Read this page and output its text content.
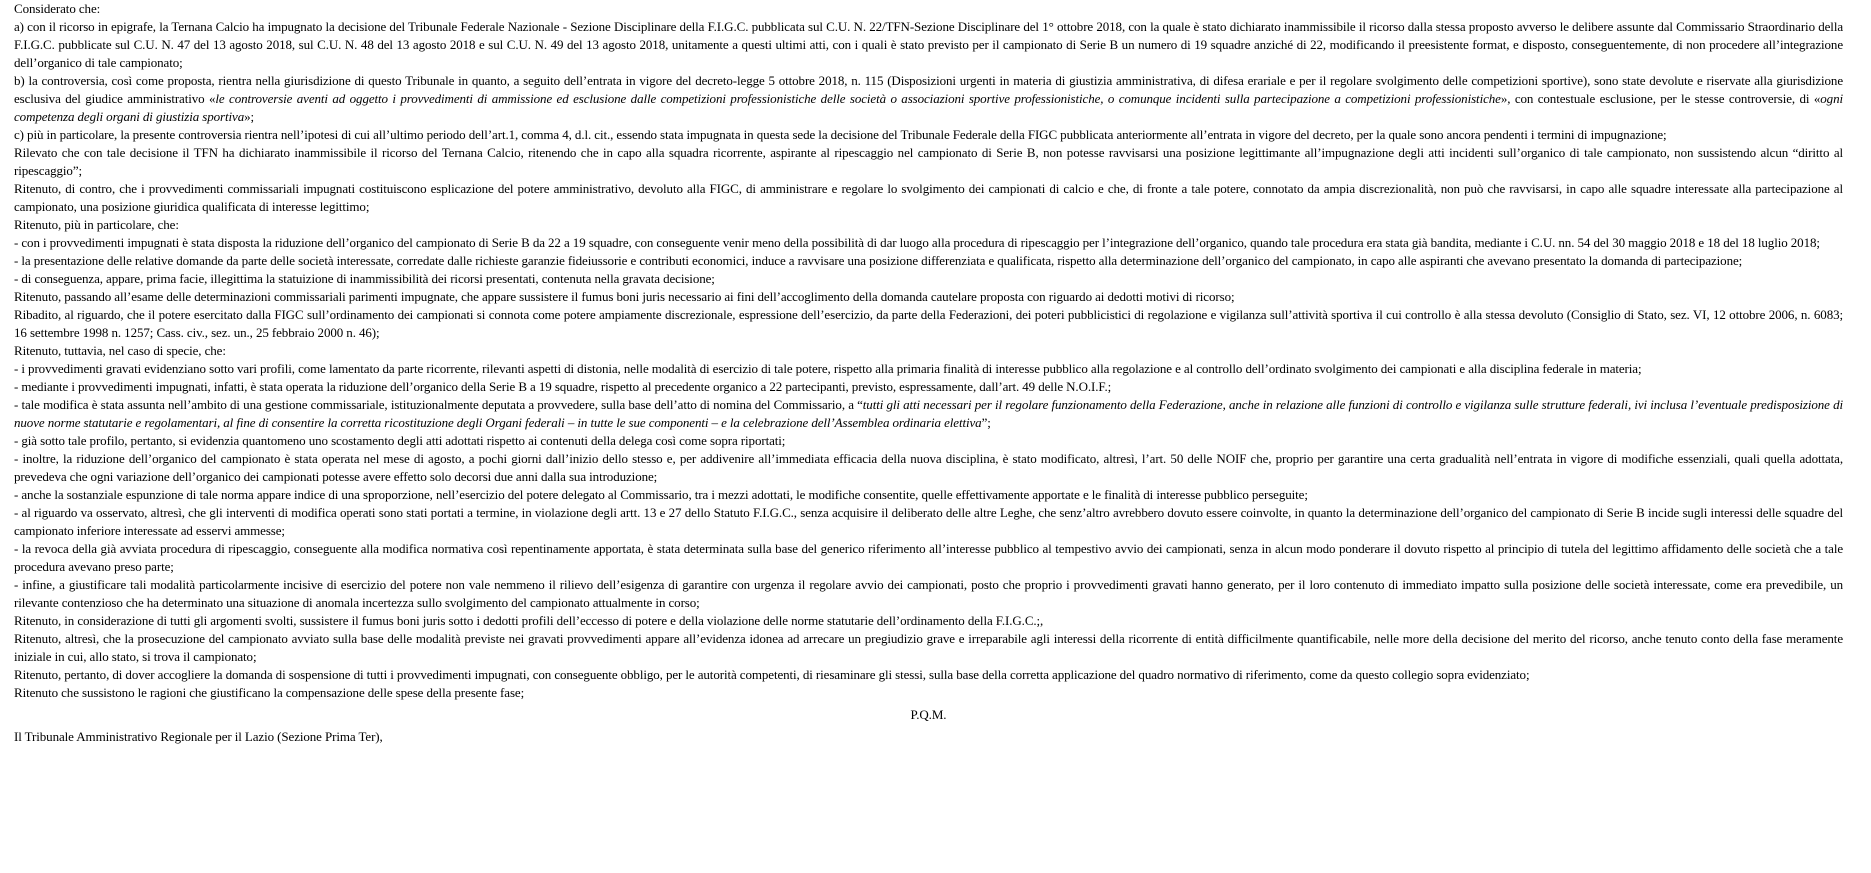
Considerato che:

a) con il ricorso in epigrafe, la Ternana Calcio ha impugnato la decisione del Tribunale Federale Nazionale - Sezione Disciplinare della F.I.G.C. pubblicata sul C.U. N. 22/TFN-Sezione Disciplinare del 1° ottobre 2018, con la quale è stato dichiarato inammissibile il ricorso dalla stessa proposto avverso le delibere assunte dal Commissario Straordinario della F.I.G.C. pubblicate sul C.U. N. 47 del 13 agosto 2018, sul C.U. N. 48 del 13 agosto 2018 e sul C.U. N. 49 del 13 agosto 2018, unitamente a questi ultimi atti, con i quali è stato previsto per il campionato di Serie B un numero di 19 squadre anziché di 22, modificando il preesistente format, e disposto, conseguentemente, di non procedere all’integrazione dell’organico di tale campionato;

b) la controversia, così come proposta, rientra nella giurisdizione di questo Tribunale in quanto, a seguito dell’entrata in vigore del decreto-legge 5 ottobre 2018, n. 115 (Disposizioni urgenti in materia di giustizia amministrativa, di difesa erariale e per il regolare svolgimento delle competizioni sportive), sono state devolute e riservate alla giurisdizione esclusiva del giudice amministrativo «le controversie aventi ad oggetto i provvedimenti di ammissione ed esclusione dalle competizioni professionistiche delle società o associazioni sportive professionistiche, o comunque incidenti sulla partecipazione a competizioni professionistiche», con contestuale esclusione, per le stesse controversie, di «ogni competenza degli organi di giustizia sportiva»;

c) più in particolare, la presente controversia rientra nell’ipotesi di cui all’ultimo periodo dell’art.1, comma 4, d.l. cit., essendo stata impugnata in questa sede la decisione del Tribunale Federale della FIGC pubblicata anteriormente all’entrata in vigore del decreto, per la quale sono ancora pendenti i termini di impugnazione;

Rilevato che con tale decisione il TFN ha dichiarato inammissibile il ricorso del Ternana Calcio, ritenendo che in capo alla squadra ricorrente, aspirante al ripescaggio nel campionato di Serie B, non potesse ravvisarsi una posizione legittimante all’impugnazione degli atti incidenti sull’organico di tale campionato, non sussistendo alcun “diritto al ripescaggio”;

Ritenuto, di contro, che i provvedimenti commissariali impugnati costituiscono esplicazione del potere amministrativo, devoluto alla FIGC, di amministrare e regolare lo svolgimento dei campionati di calcio e che, di fronte a tale potere, connotato da ampia discrezionalità, non può che ravvisarsi, in capo alle squadre interessate alla partecipazione al campionato, una posizione giuridica qualificata di interesse legittimo;

Ritenuto, più in particolare, che:

- con i provvedimenti impugnati è stata disposta la riduzione dell’organico del campionato di Serie B da 22 a 19 squadre, con conseguente venir meno della possibilità di dar luogo alla procedura di ripescaggio per l’integrazione dell’organico, quando tale procedura era stata già bandita, mediante i C.U. nn. 54 del 30 maggio 2018 e 18 del 18 luglio 2018;

- la presentazione delle relative domande da parte delle società interessate, corredate dalle richieste garanzie fideiussorie e contributi economici, induce a ravvisare una posizione differenziata e qualificata, rispetto alla determinazione dell’organico del campionato, in capo alle aspiranti che avevano presentato la domanda di partecipazione;

- di conseguenza, appare, prima facie, illegittima la statuizione di inammissibilità dei ricorsi presentati, contenuta nella gravata decisione;

Ritenuto, passando all’esame delle determinazioni commissariali parimenti impugnate, che appare sussistere il fumus boni juris necessario ai fini dell’accoglimento della domanda cautelare proposta con riguardo ai dedotti motivi di ricorso;

Ribadito, al riguardo, che il potere esercitato dalla FIGC sull’ordinamento dei campionati si connota come potere ampiamente discrezionale, espressione dell’esercizio, da parte della Federazioni, dei poteri pubblicistici di regolazione e vigilanza sull’attività sportiva il cui controllo è alla stessa devoluto (Consiglio di Stato, sez. VI, 12 ottobre 2006, n. 6083; 16 settembre 1998 n. 1257; Cass. civ., sez. un., 25 febbraio 2000 n. 46);

Ritenuto, tuttavia, nel caso di specie, che:

- i provvedimenti gravati evidenziano sotto vari profili, come lamentato da parte ricorrente, rilevanti aspetti di distonia, nelle modalità di esercizio di tale potere, rispetto alla primaria finalità di interesse pubblico alla regolazione e al controllo dell’ordinato svolgimento dei campionati e alla disciplina federale in materia;

- mediante i provvedimenti impugnati, infatti, è stata operata la riduzione dell’organico della Serie B a 19 squadre, rispetto al precedente organico a 22 partecipanti, previsto, espressamente, dall’art. 49 delle N.O.I.F.;

- tale modifica è stata assunta nell’ambito di una gestione commissariale, istituzionalmente deputata a provvedere, sulla base dell’atto di nomina del Commissario, a “tutti gli atti necessari per il regolare funzionamento della Federazione, anche in relazione alle funzioni di controllo e vigilanza sulle strutture federali, ivi inclusa l’eventuale predisposizione di nuove norme statutarie e regolamentari, al fine di consentire la corretta ricostituzione degli Organi federali – in tutte le sue componenti – e la celebrazione dell’Assemblea ordinaria elettiva”;

- già sotto tale profilo, pertanto, si evidenzia quantomeno uno scostamento degli atti adottati rispetto ai contenuti della delega così come sopra riportati;

- inoltre, la riduzione dell’organico del campionato è stata operata nel mese di agosto, a pochi giorni dall’inizio dello stesso e, per addivenire all’immediata efficacia della nuova disciplina, è stato modificato, altresì, l’art. 50 delle NOIF che, proprio per garantire una certa gradualità nell’entrata in vigore di modifiche essenziali, quali quella adottata, prevedeva che ogni variazione dell’organico dei campionati potesse avere effetto solo decorsi due anni dalla sua introduzione;

- anche la sostanziale espunzione di tale norma appare indice di una sproporzione, nell’esercizio del potere delegato al Commissario, tra i mezzi adottati, le modifiche consentite, quelle effettivamente apportate e le finalità di interesse pubblico perseguite;

- al riguardo va osservato, altresì, che gli interventi di modifica operati sono stati portati a termine, in violazione degli artt. 13 e 27 dello Statuto F.I.G.C., senza acquisire il deliberato delle altre Leghe, che senz’altro avrebbero dovuto essere coinvolte, in quanto la determinazione dell’organico del campionato di Serie B incide sugli interessi delle squadre del campionato inferiore interessate ad esservi ammesse;

- la revoca della già avviata procedura di ripescaggio, conseguente alla modifica normativa così repentinamente apportata, è stata determinata sulla base del generico riferimento all’interesse pubblico al tempestivo avvio dei campionati, senza in alcun modo ponderare il dovuto rispetto al principio di tutela del legittimo affidamento delle società che a tale procedura avevano preso parte;

- infine, a giustificare tali modalità particolarmente incisive di esercizio del potere non vale nemmeno il rilievo dell’esigenza di garantire con urgenza il regolare avvio dei campionati, posto che proprio i provvedimenti gravati hanno generato, per il loro contenuto di immediato impatto sulla posizione delle società interessate, come era prevedibile, un rilevante contenzioso che ha determinato una situazione di anomala incertezza sullo svolgimento del campionato attualmente in corso;

Ritenuto, in considerazione di tutti gli argomenti svolti, sussistere il fumus boni juris sotto i dedotti profili dell’eccesso di potere e della violazione delle norme statutarie dell’ordinamento della F.I.G.C.;,

Ritenuto, altresì, che la prosecuzione del campionato avviato sulla base delle modalità previste nei gravati provvedimenti appare all’evidenza idonea ad arrecare un pregiudizio grave e irreparabile agli interessi della ricorrente di entità difficilmente quantificabile, nelle more della decisione del merito del ricorso, anche tenuto conto della fase meramente iniziale in cui, allo stato, si trova il campionato;

Ritenuto, pertanto, di dover accogliere la domanda di sospensione di tutti i provvedimenti impugnati, con conseguente obbligo, per le autorità competenti, di riesaminare gli stessi, sulla base della corretta applicazione del quadro normativo di riferimento, come da questo collegio sopra evidenziato;

Ritenuto che sussistono le ragioni che giustificano la compensazione delle spese della presente fase;

P.Q.M.

Il Tribunale Amministrativo Regionale per il Lazio (Sezione Prima Ter),
